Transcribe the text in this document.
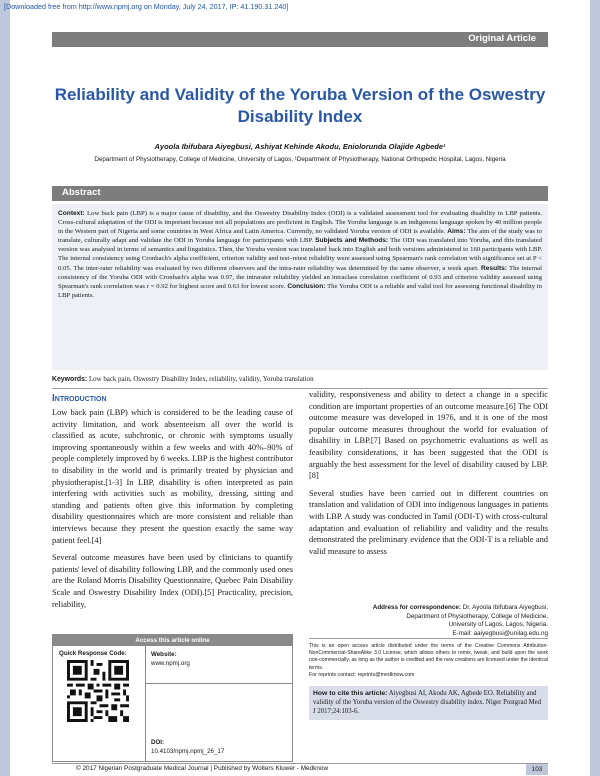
[Downloaded free from http://www.npmj.org on Monday, July 24, 2017, IP: 41.190.31.240]
Original Article
Reliability and Validity of the Yoruba Version of the Oswestry Disability Index
Ayoola Ibifubara Aiyegbusi, Ashiyat Kehinde Akodu, Eniolorunda Olajide Agbede¹
Department of Physiotherapy, College of Medicine, University of Lagos, ¹Department of Physiotherapy, National Orthopedic Hospital, Lagos, Nigeria
Abstract

Context: Low back pain (LBP) is a major cause of disability, and the Oswestry Disability Index (ODI) is a validated assessment tool for evaluating disability in LBP patients. Cross-cultural adaptation of the ODI is important because not all populations are proficient in English. The Yoruba language is an indigenous language spoken by 40 million people in the Western part of Nigeria and some countries in West Africa and Latin America. Currently, no validated Yoruba version of ODI is available. Aims: The aim of the study was to translate, culturally adapt and validate the ODI in Yoruba language for participants with LBP. Subjects and Methods: The ODI was translated into Yoruba, and this translated version was analysed in terms of semantics and linguistics. Then, the Yoruba version was translated back into English and both versions administered to 160 participants with LBP. The internal consistency using Cronbach's alpha coefficient, criterion validity and test–retest reliability were assessed using Spearman's rank correlation with significance set at P < 0.05. The inter-rater reliability was evaluated by two different observers and the intra-rater reliability was determined by the same observer, a week apart. Results: The internal consistency of the Yoruba ODI with Cronbach's alpha was 0.97, the intrarater reliability yielded an intraclass correlation coefficient of 0.93 and criterion validity assessed using Spearman's rank correlation was r = 0.92 for highest score and 0.63 for lowest score. Conclusion: The Yoruba ODI is a reliable and valid tool for assessing functional disability in LBP patients.

Keywords: Low back pain, Oswestry Disability Index, reliability, validity, Yoruba translation
Introduction

Low back pain (LBP) which is considered to be the leading cause of activity limitation, and work absenteeism all over the world is classified as acute, subchronic, or chronic with symptoms usually improving spontaneously within a few weeks and with 40%–90% of people completely improved by 6 weeks. LBP is the highest contributor to disability in the world and is primarily treated by physician and physiotherapist.[1-3] In LBP, disability is often interpreted as pain interfering with activities such as mobility, dressing, sitting and standing and patients often give this information by completing disability questionnaires which are more consistent and reliable than interviews because they present the question exactly the same way patient feel.[4]

Several outcome measures have been used by clinicians to quantify patients' level of disability following LBP, and the commonly used ones are the Roland Morris Disability Questionnaire, Quebec Pain Disability Scale and Oswestry Disability Index (ODI).[5] Practicality, precision, reliability,

validity, responsiveness and ability to detect a change in a specific condition are important properties of an outcome measure.[6] The ODI outcome measure was developed in 1976, and it is one of the most popular outcome measures throughout the world for evaluation of disability in LBP.[7] Based on psychometric evaluations as well as feasibility considerations, it has been suggested that the ODI is arguably the best assessment for the level of disability caused by LBP.[8]

Several studies have been carried out in different countries on translation and validation of ODI into indigenous languages in patients with LBP. A study was conducted in Tamil (ODI-T) with cross-cultural adaptation and evaluation of reliability and validity and the results demonstrated the preliminary evidence that the ODI-T is a reliable and valid measure to assess

Access this article online
Quick Response Code:	Website:
www.npmj.org
DOI:
10.4103/npmj.npmj_26_17
Address for correspondence: Dr. Ayoola Ibifubara Aiyegbusi,
Department of Physiotherapy, College of Medicine,
University of Lagos, Lagos, Nigeria.
E-mail: aaiyegbusi@unilag.edu.ng

This is an open access article distributed under the terms of the Creative Commons Attribution-NonCommercial-ShareAlike 3.0 License, which allows others to remix, tweak, and build upon the work non-commercially, as long as the author is credited and the new creations are licensed under the identical terms.

For reprints contact: reprints@medknow.com
How to cite this article: Aiyegbusi AI, Akodu AK, Agbede EO. Reliability and validity of the Yoruba version of the Oswestry disability index. Niger Postgrad Med J 2017;24:103-6.
© 2017 Nigerian Postgraduate Medical Journal | Published by Wolters Kluwer - Medknow	103
